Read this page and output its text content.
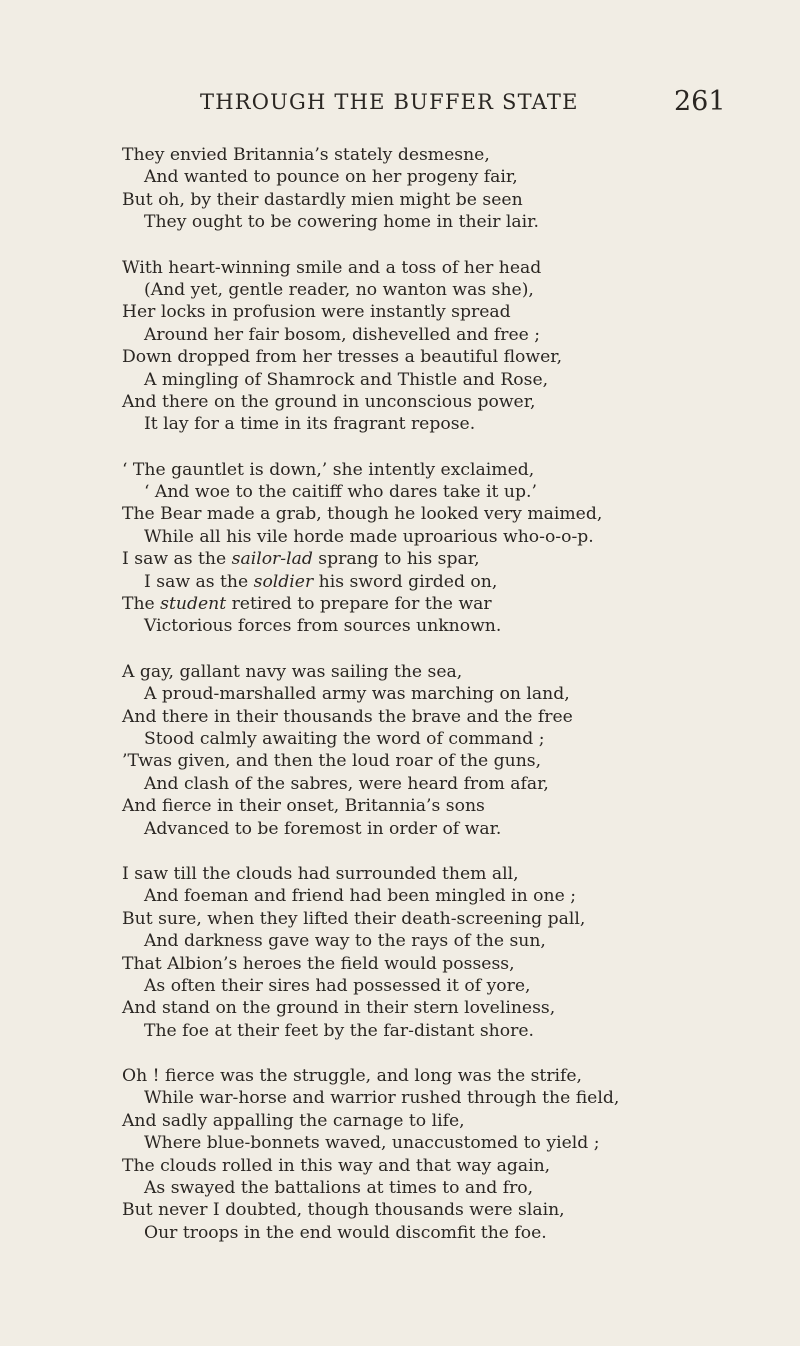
THROUGH THE BUFFER STATE	261
They envied Britannia’s stately desmesne,
And wanted to pounce on her progeny fair,
But oh, by their dastardly mien might be seen
They ought to be cowering home in their lair.
With heart-winning smile and a toss of her head
(And yet, gentle reader, no wanton was she),
Her locks in profusion were instantly spread
Around her fair bosom, dishevelled and free ;
Down dropped from her tresses a beautiful flower,
A mingling of Shamrock and Thistle and Rose,
And there on the ground in unconscious power,
It lay for a time in its fragrant repose.
‘ The gauntlet is down,’ she intently exclaimed,
‘ And woe to the caitiff who dares take it up.’
The Bear made a grab, though he looked very maimed,
While all his vile horde made uproarious who-o-o-p.
I saw as the sailor-lad sprang to his spar,
I saw as the soldier his sword girded on,
The student retired to prepare for the war
Victorious forces from sources unknown.
A gay, gallant navy was sailing the sea,
A proud-marshalled army was marching on land,
And there in their thousands the brave and the free
Stood calmly awaiting the word of command ;
’Twas given, and then the loud roar of the guns,
And clash of the sabres, were heard from afar,
And fierce in their onset, Britannia’s sons
Advanced to be foremost in order of war.
I saw till the clouds had surrounded them all,
And foeman and friend had been mingled in one ;
But sure, when they lifted their death-screening pall,
And darkness gave way to the rays of the sun,
That Albion’s heroes the field would possess,
As often their sires had possessed it of yore,
And stand on the ground in their stern loveliness,
The foe at their feet by the far-distant shore.
Oh ! fierce was the struggle, and long was the strife,
While war-horse and warrior rushed through the field,
And sadly appalling the carnage to life,
Where blue-bonnets waved, unaccustomed to yield ;
The clouds rolled in this way and that way again,
As swayed the battalions at times to and fro,
But never I doubted, though thousands were slain,
Our troops in the end would discomfit the foe.
